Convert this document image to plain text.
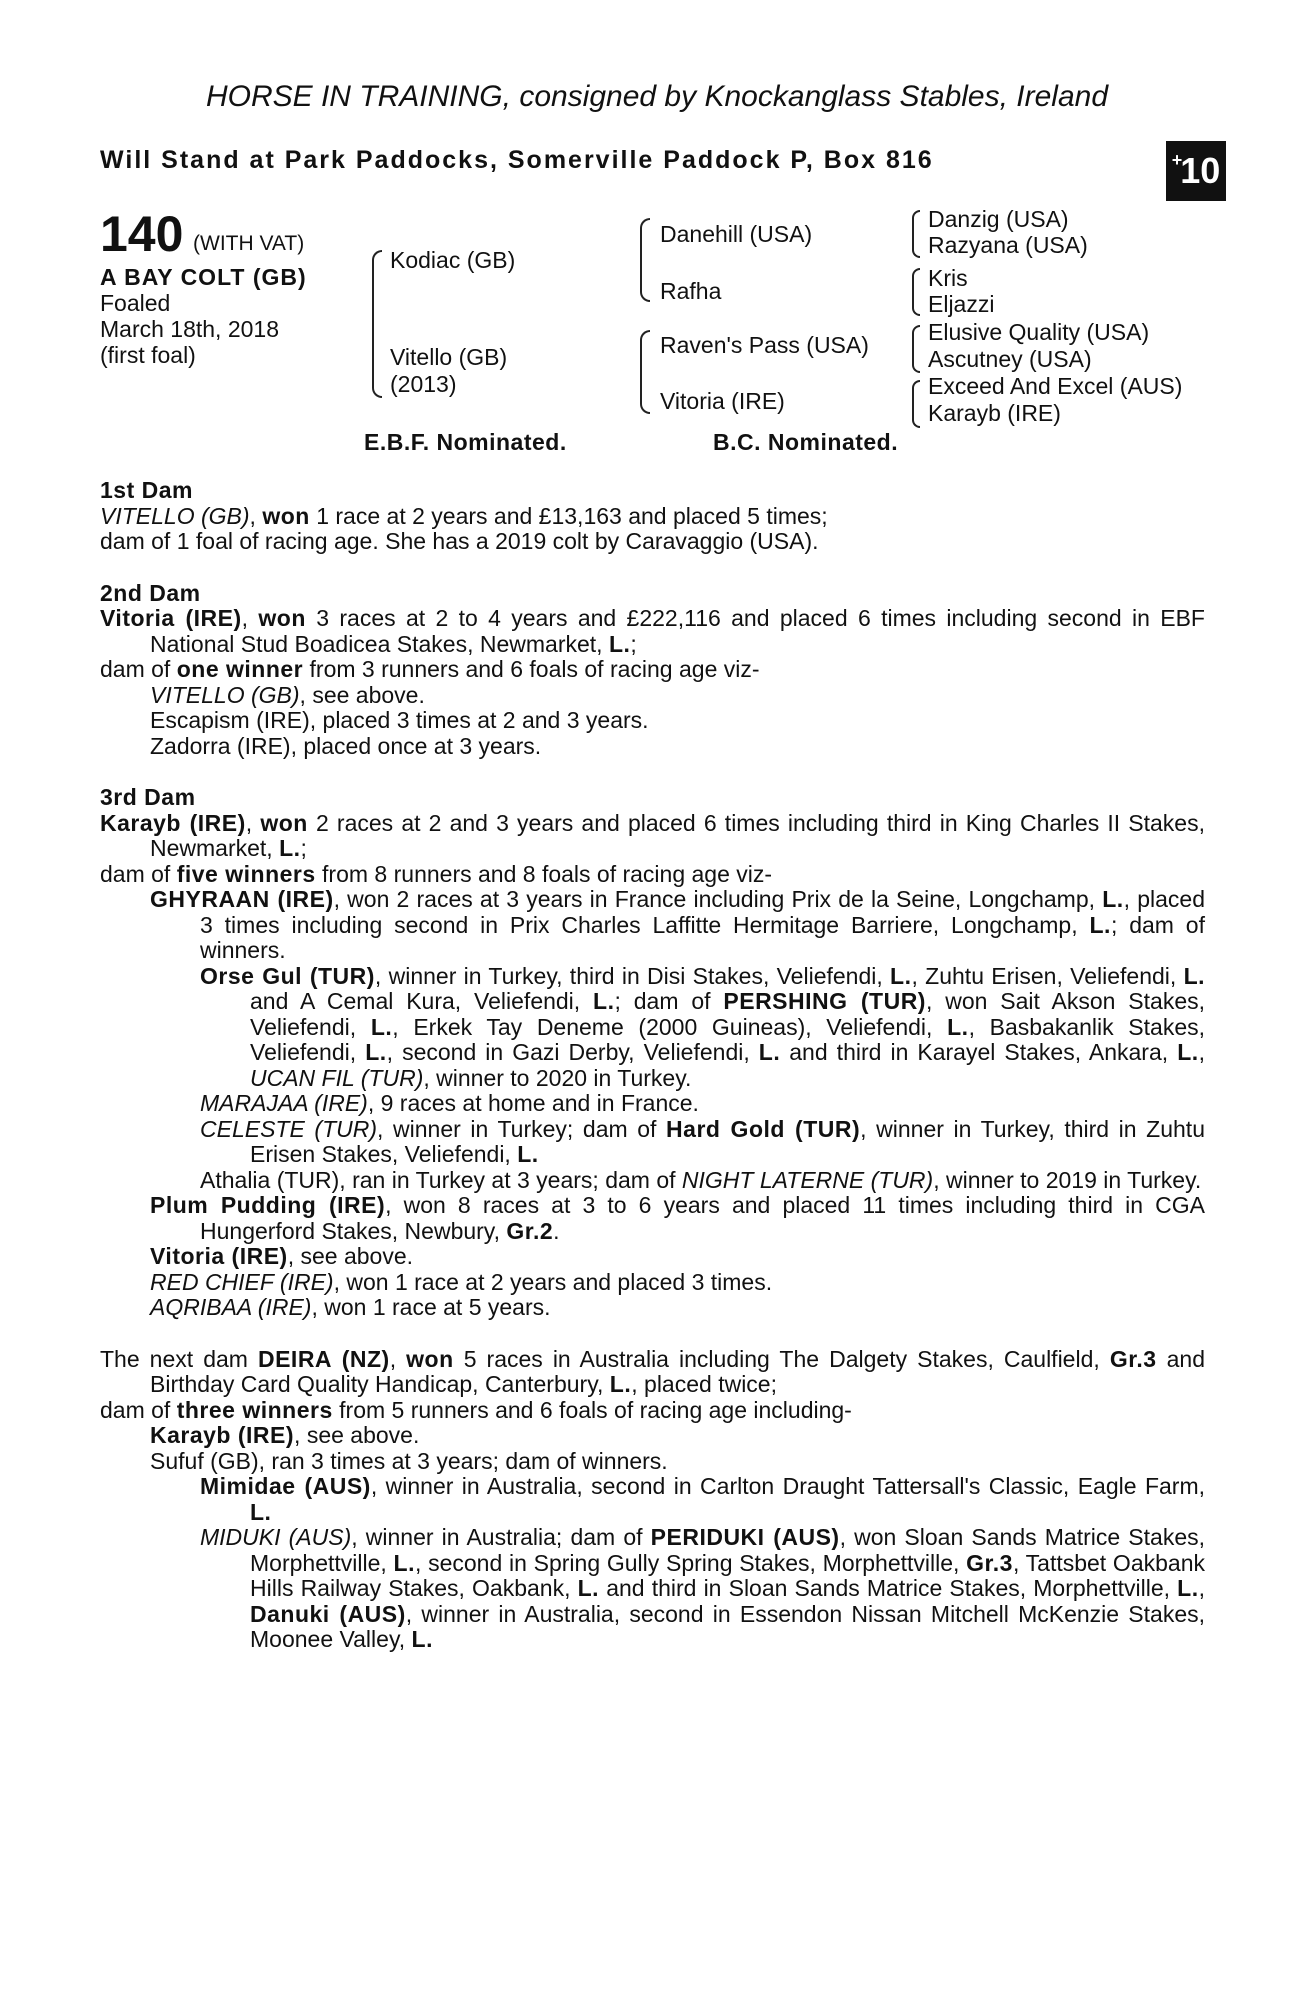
HORSE IN TRAINING, consigned by Knockanglass Stables, Ireland
Will Stand at Park Paddocks, Somerville Paddock P, Box 816	+
10
140 (WITH VAT)
A BAY COLT (GB)
Foaled
March 18th, 2018
(first foal)
Kodiac (GB)
Vitello (GB)
(2013)
Danehill (USA)
Rafha
Raven's Pass (USA)
Vitoria (IRE)
Danzig (USA)
Razyana (USA)
Kris
Eljazzi
Elusive Quality (USA)
Ascutney (USA)
Exceed And Excel (AUS)
Karayb (IRE)
E.B.F. Nominated.	B.C. Nominated.
1st Dam

VITELLO (GB), won 1 race at 2 years and £13,163 and placed 5 times;

dam of 1 foal of racing age. She has a 2019 colt by Caravaggio (USA).

2nd Dam

Vitoria (IRE), won 3 races at 2 to 4 years and £222,116 and placed 6 times including second in EBF National Stud Boadicea Stakes, Newmarket, L.;

dam of one winner from 3 runners and 6 foals of racing age viz-

VITELLO (GB), see above.

Escapism (IRE), placed 3 times at 2 and 3 years.

Zadorra (IRE), placed once at 3 years.

3rd Dam

Karayb (IRE), won 2 races at 2 and 3 years and placed 6 times including third in King Charles II Stakes, Newmarket, L.;

dam of five winners from 8 runners and 8 foals of racing age viz-

GHYRAAN (IRE), won 2 races at 3 years in France including Prix de la Seine, Longchamp, L., placed 3 times including second in Prix Charles Laffitte Hermitage Barriere, Longchamp, L.; dam of winners.

Orse Gul (TUR), winner in Turkey, third in Disi Stakes, Veliefendi, L., Zuhtu Erisen, Veliefendi, L. and A Cemal Kura, Veliefendi, L.; dam of PERSHING (TUR), won Sait Akson Stakes, Veliefendi, L., Erkek Tay Deneme (2000 Guineas), Veliefendi, L., Basbakanlik Stakes, Veliefendi, L., second in Gazi Derby, Veliefendi, L. and third in Karayel Stakes, Ankara, L., UCAN FIL (TUR), winner to 2020 in Turkey.

MARAJAA (IRE), 9 races at home and in France.

CELESTE (TUR), winner in Turkey; dam of Hard Gold (TUR), winner in Turkey, third in Zuhtu Erisen Stakes, Veliefendi, L.

Athalia (TUR), ran in Turkey at 3 years; dam of NIGHT LATERNE (TUR), winner to 2019 in Turkey.

Plum Pudding (IRE), won 8 races at 3 to 6 years and placed 11 times including third in CGA Hungerford Stakes, Newbury, Gr.2.

Vitoria (IRE), see above.

RED CHIEF (IRE), won 1 race at 2 years and placed 3 times.

AQRIBAA (IRE), won 1 race at 5 years.

The next dam DEIRA (NZ), won 5 races in Australia including The Dalgety Stakes, Caulfield, Gr.3 and Birthday Card Quality Handicap, Canterbury, L., placed twice;

dam of three winners from 5 runners and 6 foals of racing age including-

Karayb (IRE), see above.

Sufuf (GB), ran 3 times at 3 years; dam of winners.

Mimidae (AUS), winner in Australia, second in Carlton Draught Tattersall's Classic, Eagle Farm, L.

MIDUKI (AUS), winner in Australia; dam of PERIDUKI (AUS), won Sloan Sands Matrice Stakes, Morphettville, L., second in Spring Gully Spring Stakes, Morphettville, Gr.3, Tattsbet Oakbank Hills Railway Stakes, Oakbank, L. and third in Sloan Sands Matrice Stakes, Morphettville, L., Danuki (AUS), winner in Australia, second in Essendon Nissan Mitchell McKenzie Stakes, Moonee Valley, L.
